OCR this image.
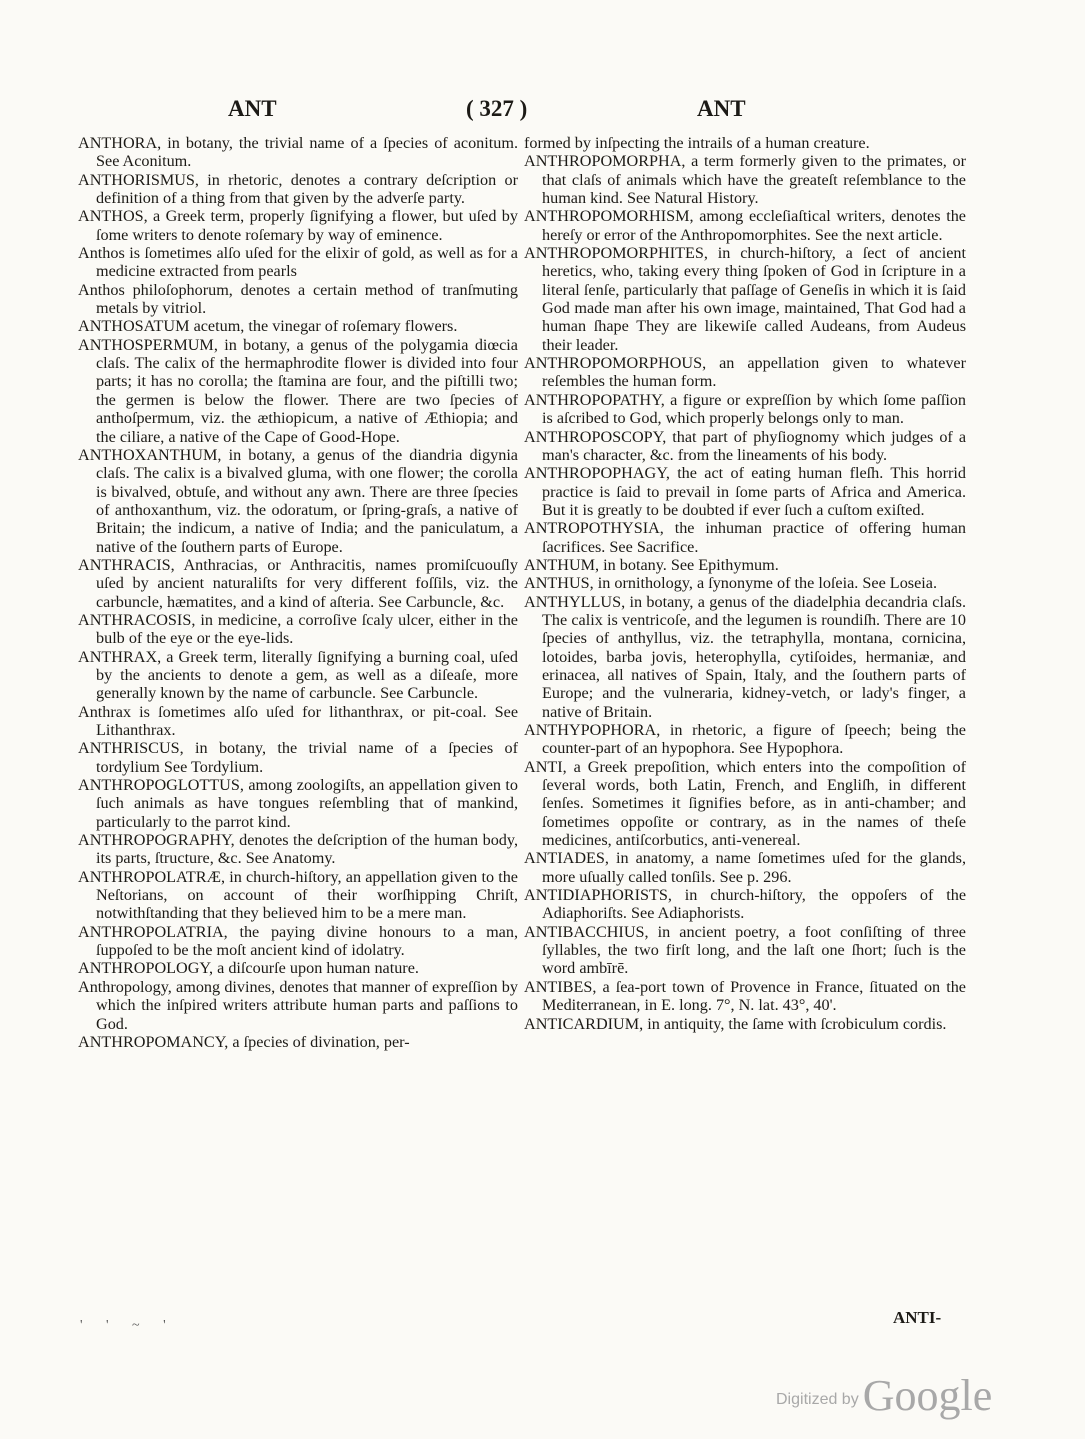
ANT	( 327 )	ANT

ANTHORA, in botany, the trivial name of a ſpecies of aconitum. See Aconitum.

ANTHORISMUS, in rhetoric, denotes a contrary deſcription or definition of a thing from that given by the adverſe party.

ANTHOS, a Greek term, properly ſignifying a flower, but uſed by ſome writers to denote roſemary by way of eminence.

Anthos is ſometimes alſo uſed for the elixir of gold, as well as for a medicine extracted from pearls

Anthos philoſophorum, denotes a certain method of tranſmuting metals by vitriol.

ANTHOSATUM acetum, the vinegar of roſemary flowers.

ANTHOSPERMUM, in botany, a genus of the polygamia diœcia claſs. The calix of the hermaphrodite flower is divided into four parts; it has no corolla; the ſtamina are four, and the piſtilli two; the germen is below the flower. There are two ſpecies of anthoſpermum, viz. the æthiopicum, a native of Æthiopia; and the ciliare, a native of the Cape of Good-Hope.

ANTHOXANTHUM, in botany, a genus of the diandria digynia claſs. The calix is a bivalved gluma, with one flower; the corolla is bivalved, obtuſe, and without any awn. There are three ſpecies of anthoxanthum, viz. the odoratum, or ſpring-graſs, a native of Britain; the indicum, a native of India; and the paniculatum, a native of the ſouthern parts of Europe.

ANTHRACIS, Anthracias, or Anthracitis, names promiſcuouſly uſed by ancient naturaliſts for very different foſſils, viz. the carbuncle, hæmatites, and a kind of aſteria. See Carbuncle, &c.

ANTHRACOSIS, in medicine, a corroſive ſcaly ulcer, either in the bulb of the eye or the eye-lids.

ANTHRAX, a Greek term, literally ſignifying a burning coal, uſed by the ancients to denote a gem, as well as a diſeaſe, more generally known by the name of carbuncle. See Carbuncle.

Anthrax is ſometimes alſo uſed for lithanthrax, or pit-coal. See Lithanthrax.

ANTHRISCUS, in botany, the trivial name of a ſpecies of tordylium See Tordylium.

ANTHROPOGLOTTUS, among zoologiſts, an appellation given to ſuch animals as have tongues reſembling that of mankind, particularly to the parrot kind.

ANTHROPOGRAPHY, denotes the deſcription of the human body, its parts, ſtructure, &c. See Anatomy.

ANTHROPOLATRÆ, in church-hiſtory, an appellation given to the Neſtorians, on account of their worſhipping Chriſt, notwithſtanding that they believed him to be a mere man.

ANTHROPOLATRIA, the paying divine honours to a man, ſuppoſed to be the moſt ancient kind of idolatry.

ANTHROPOLOGY, a diſcourſe upon human nature.

Anthropology, among divines, denotes that manner of expreſſion by which the inſpired writers attribute human parts and paſſions to God.

ANTHROPOMANCY, a ſpecies of divination, per-

formed by inſpecting the intrails of a human creature.

ANTHROPOMORPHA, a term formerly given to the primates, or that claſs of animals which have the greateſt reſemblance to the human kind. See Natural History.

ANTHROPOMORHISM, among eccleſiaſtical writers, denotes the hereſy or error of the Anthropomorphites. See the next article.

ANTHROPOMORPHITES, in church-hiſtory, a ſect of ancient heretics, who, taking every thing ſpoken of God in ſcripture in a literal ſenſe, particularly that paſſage of Geneſis in which it is ſaid God made man after his own image, maintained, That God had a human ſhape They are likewiſe called Audeans, from Audeus their leader.

ANTHROPOMORPHOUS, an appellation given to whatever reſembles the human form.

ANTHROPOPATHY, a figure or expreſſion by which ſome paſſion is aſcribed to God, which properly belongs only to man.

ANTHROPOSCOPY, that part of phyſiognomy which judges of a man's character, &c. from the lineaments of his body.

ANTHROPOPHAGY, the act of eating human fleſh. This horrid practice is ſaid to prevail in ſome parts of Africa and America. But it is greatly to be doubted if ever ſuch a cuſtom exiſted.

ANTROPOTHYSIA, the inhuman practice of offering human ſacrifices. See Sacrifice.

ANTHUM, in botany. See Epithymum.

ANTHUS, in ornithology, a ſynonyme of the loſeia. See Loseia.

ANTHYLLUS, in botany, a genus of the diadelphia decandria claſs. The calix is ventricoſe, and the legumen is roundiſh. There are 10 ſpecies of anthyllus, viz. the tetraphylla, montana, cornicina, lotoides, barba jovis, heterophylla, cytiſoides, hermaniæ, and erinacea, all natives of Spain, Italy, and the ſouthern parts of Europe; and the vulneraria, kidney-vetch, or lady's finger, a native of Britain.

ANTHYPOPHORA, in rhetoric, a figure of ſpeech; being the counter-part of an hypophora. See Hypophora.

ANTI, a Greek prepoſition, which enters into the compoſition of ſeveral words, both Latin, French, and Engliſh, in different ſenſes. Sometimes it ſignifies before, as in anti-chamber; and ſometimes oppoſite or contrary, as in the names of theſe medicines, antiſcorbutics, anti-venereal.

ANTIADES, in anatomy, a name ſometimes uſed for the glands, more uſually called tonſils. See p. 296.

ANTIDIAPHORISTS, in church-hiſtory, the oppoſers of the Adiaphoriſts. See Adiaphorists.

ANTIBACCHIUS, in ancient poetry, a foot conſiſting of three ſyllables, the two firſt long, and the laſt one ſhort; ſuch is the word ambīrē.

ANTIBES, a ſea-port town of Provence in France, ſituated on the Mediterranean, in E. long. 7°, N. lat. 43°, 40'.

ANTICARDIUM, in antiquity, the ſame with ſcrobiculum cordis.

ANTI-
' ' ~ '
Digitized by Google
